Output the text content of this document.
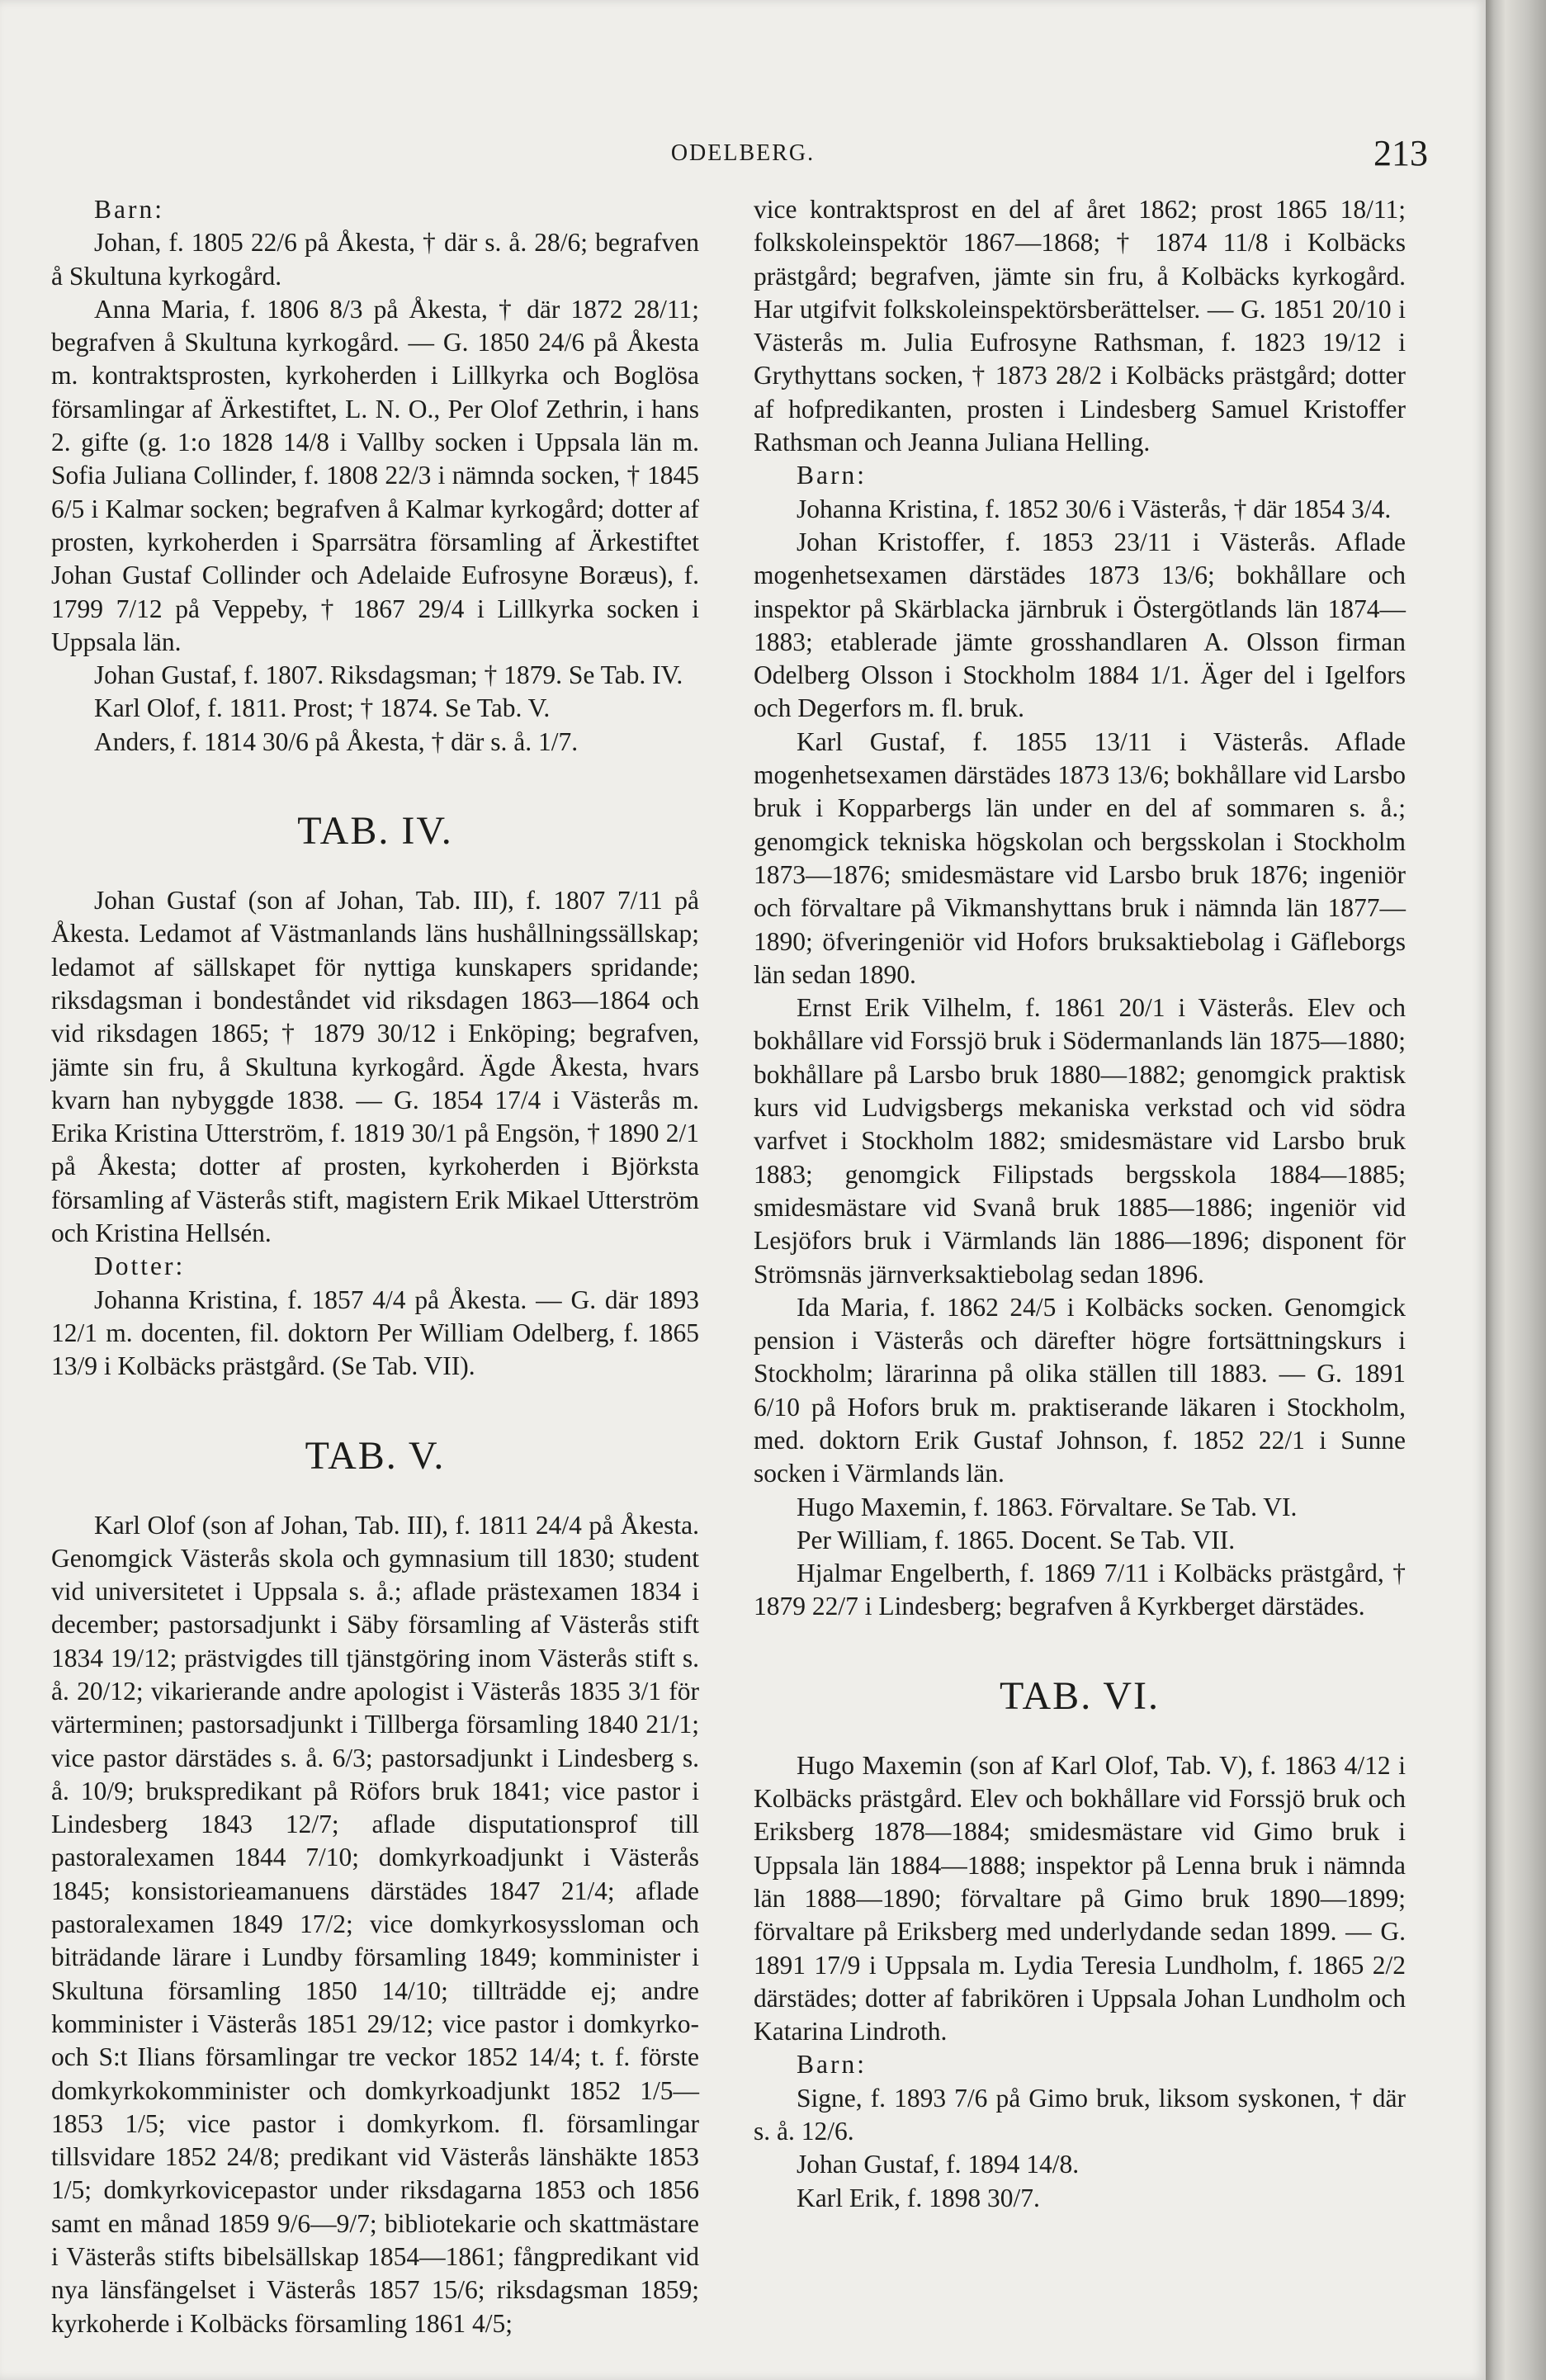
ODELBERG.	213

Barn:

Johan, f. 1805 22/6 på Åkesta, † där s. å. 28/6; begrafven å Skultuna kyrkogård.

Anna Maria, f. 1806 8/3 på Åkesta, † där 1872 28/11; begrafven å Skultuna kyrkogård. — G. 1850 24/6 på Åkesta m. kontraktsprosten, kyrkoherden i Lillkyrka och Boglösa församlingar af Ärkestiftet, L. N. O., Per Olof Zethrin, i hans 2. gifte (g. 1:o 1828 14/8 i Vallby socken i Uppsala län m. Sofia Juliana Collinder, f. 1808 22/3 i nämnda socken, † 1845 6/5 i Kalmar socken; begrafven å Kalmar kyrkogård; dotter af prosten, kyrkoherden i Sparrsätra församling af Ärkestiftet Johan Gustaf Collinder och Adelaide Eufrosyne Boræus), f. 1799 7/12 på Veppeby, † 1867 29/4 i Lillkyrka socken i Uppsala län.

Johan Gustaf, f. 1807. Riksdagsman; † 1879. Se Tab. IV.

Karl Olof, f. 1811. Prost; † 1874. Se Tab. V.

Anders, f. 1814 30/6 på Åkesta, † där s. å. 1/7.

TAB. IV.

Johan Gustaf (son af Johan, Tab. III), f. 1807 7/11 på Åkesta. Ledamot af Västmanlands läns hushållningssällskap; ledamot af sällskapet för nyttiga kunskapers spridande; riksdagsman i bondeståndet vid riksdagen 1863—1864 och vid riksdagen 1865; † 1879 30/12 i Enköping; begrafven, jämte sin fru, å Skultuna kyrkogård. Ägde Åkesta, hvars kvarn han nybyggde 1838. — G. 1854 17/4 i Västerås m. Erika Kristina Utterström, f. 1819 30/1 på Engsön, † 1890 2/1 på Åkesta; dotter af prosten, kyrkoherden i Björksta församling af Västerås stift, magistern Erik Mikael Utterström och Kristina Hellsén.

Dotter:

Johanna Kristina, f. 1857 4/4 på Åkesta. — G. där 1893 12/1 m. docenten, fil. doktorn Per William Odelberg, f. 1865 13/9 i Kolbäcks prästgård. (Se Tab. VII).

TAB. V.

Karl Olof (son af Johan, Tab. III), f. 1811 24/4 på Åkesta. Genomgick Västerås skola och gymnasium till 1830; student vid universitetet i Uppsala s. å.; aflade prästexamen 1834 i december; pastorsadjunkt i Säby församling af Västerås stift 1834 19/12; prästvigdes till tjänstgöring inom Västerås stift s. å. 20/12; vikarierande andre apologist i Västerås 1835 3/1 för värterminen; pastorsadjunkt i Tillberga församling 1840 21/1; vice pastor därstädes s. å. 6/3; pastorsadjunkt i Lindesberg s. å. 10/9; brukspredikant på Röfors bruk 1841; vice pastor i Lindesberg 1843 12/7; aflade disputationsprof till pastoralexamen 1844 7/10; domkyrkoadjunkt i Västerås 1845; konsistorieamanuens därstädes 1847 21/4; aflade pastoralexamen 1849 17/2; vice domkyrkosyssloman och biträdande lärare i Lundby församling 1849; komminister i Skultuna församling 1850 14/10; tillträdde ej; andre komminister i Västerås 1851 29/12; vice pastor i domkyrko- och S:t Ilians församlingar tre veckor 1852 14/4; t. f. förste domkyrkokomminister och domkyrkoadjunkt 1852 1/5—1853 1/5; vice pastor i domkyrkom. fl. församlingar tillsvidare 1852 24/8; predikant vid Västerås länshäkte 1853 1/5; domkyrkovicepastor under riksdagarna 1853 och 1856 samt en månad 1859 9/6—9/7; bibliotekarie och skattmästare i Västerås stifts bibelsällskap 1854—1861; fångpredikant vid nya länsfängelset i Västerås 1857 15/6; riksdagsman 1859; kyrkoherde i Kolbäcks församling 1861 4/5;

vice kontraktsprost en del af året 1862; prost 1865 18/11; folkskoleinspektör 1867—1868; † 1874 11/8 i Kolbäcks prästgård; begrafven, jämte sin fru, å Kolbäcks kyrkogård. Har utgifvit folkskoleinspektörsberättelser. — G. 1851 20/10 i Västerås m. Julia Eufrosyne Rathsman, f. 1823 19/12 i Grythyttans socken, † 1873 28/2 i Kolbäcks prästgård; dotter af hofpredikanten, prosten i Lindesberg Samuel Kristoffer Rathsman och Jeanna Juliana Helling.

Barn:

Johanna Kristina, f. 1852 30/6 i Västerås, † där 1854 3/4.

Johan Kristoffer, f. 1853 23/11 i Västerås. Aflade mogenhetsexamen därstädes 1873 13/6; bokhållare och inspektor på Skärblacka järnbruk i Östergötlands län 1874—1883; etablerade jämte grosshandlaren A. Olsson firman Odelberg Olsson i Stockholm 1884 1/1. Äger del i Igelfors och Degerfors m. fl. bruk.

Karl Gustaf, f. 1855 13/11 i Västerås. Aflade mogenhetsexamen därstädes 1873 13/6; bokhållare vid Larsbo bruk i Kopparbergs län under en del af sommaren s. å.; genomgick tekniska högskolan och bergsskolan i Stockholm 1873—1876; smidesmästare vid Larsbo bruk 1876; ingeniör och förvaltare på Vikmanshyttans bruk i nämnda län 1877—1890; öfveringeniör vid Hofors bruksaktiebolag i Gäfleborgs län sedan 1890.

Ernst Erik Vilhelm, f. 1861 20/1 i Västerås. Elev och bokhållare vid Forssjö bruk i Södermanlands län 1875—1880; bokhållare på Larsbo bruk 1880—1882; genomgick praktisk kurs vid Ludvigsbergs mekaniska verkstad och vid södra varfvet i Stockholm 1882; smidesmästare vid Larsbo bruk 1883; genomgick Filipstads bergsskola 1884—1885; smidesmästare vid Svanå bruk 1885—1886; ingeniör vid Lesjöfors bruk i Värmlands län 1886—1896; disponent för Strömsnäs järnverksaktiebolag sedan 1896.

Ida Maria, f. 1862 24/5 i Kolbäcks socken. Genomgick pension i Västerås och därefter högre fortsättningskurs i Stockholm; lärarinna på olika ställen till 1883. — G. 1891 6/10 på Hofors bruk m. praktiserande läkaren i Stockholm, med. doktorn Erik Gustaf Johnson, f. 1852 22/1 i Sunne socken i Värmlands län.

Hugo Maxemin, f. 1863. Förvaltare. Se Tab. VI.

Per William, f. 1865. Docent. Se Tab. VII.

Hjalmar Engelberth, f. 1869 7/11 i Kolbäcks prästgård, † 1879 22/7 i Lindesberg; begrafven å Kyrkberget därstädes.

TAB. VI.

Hugo Maxemin (son af Karl Olof, Tab. V), f. 1863 4/12 i Kolbäcks prästgård. Elev och bokhållare vid Forssjö bruk och Eriksberg 1878—1884; smidesmästare vid Gimo bruk i Uppsala län 1884—1888; inspektor på Lenna bruk i nämnda län 1888—1890; förvaltare på Gimo bruk 1890—1899; förvaltare på Eriksberg med underlydande sedan 1899. — G. 1891 17/9 i Uppsala m. Lydia Teresia Lundholm, f. 1865 2/2 därstädes; dotter af fabrikören i Uppsala Johan Lundholm och Katarina Lindroth.

Barn:

Signe, f. 1893 7/6 på Gimo bruk, liksom syskonen, † där s. å. 12/6.

Johan Gustaf, f. 1894 14/8.

Karl Erik, f. 1898 30/7.
